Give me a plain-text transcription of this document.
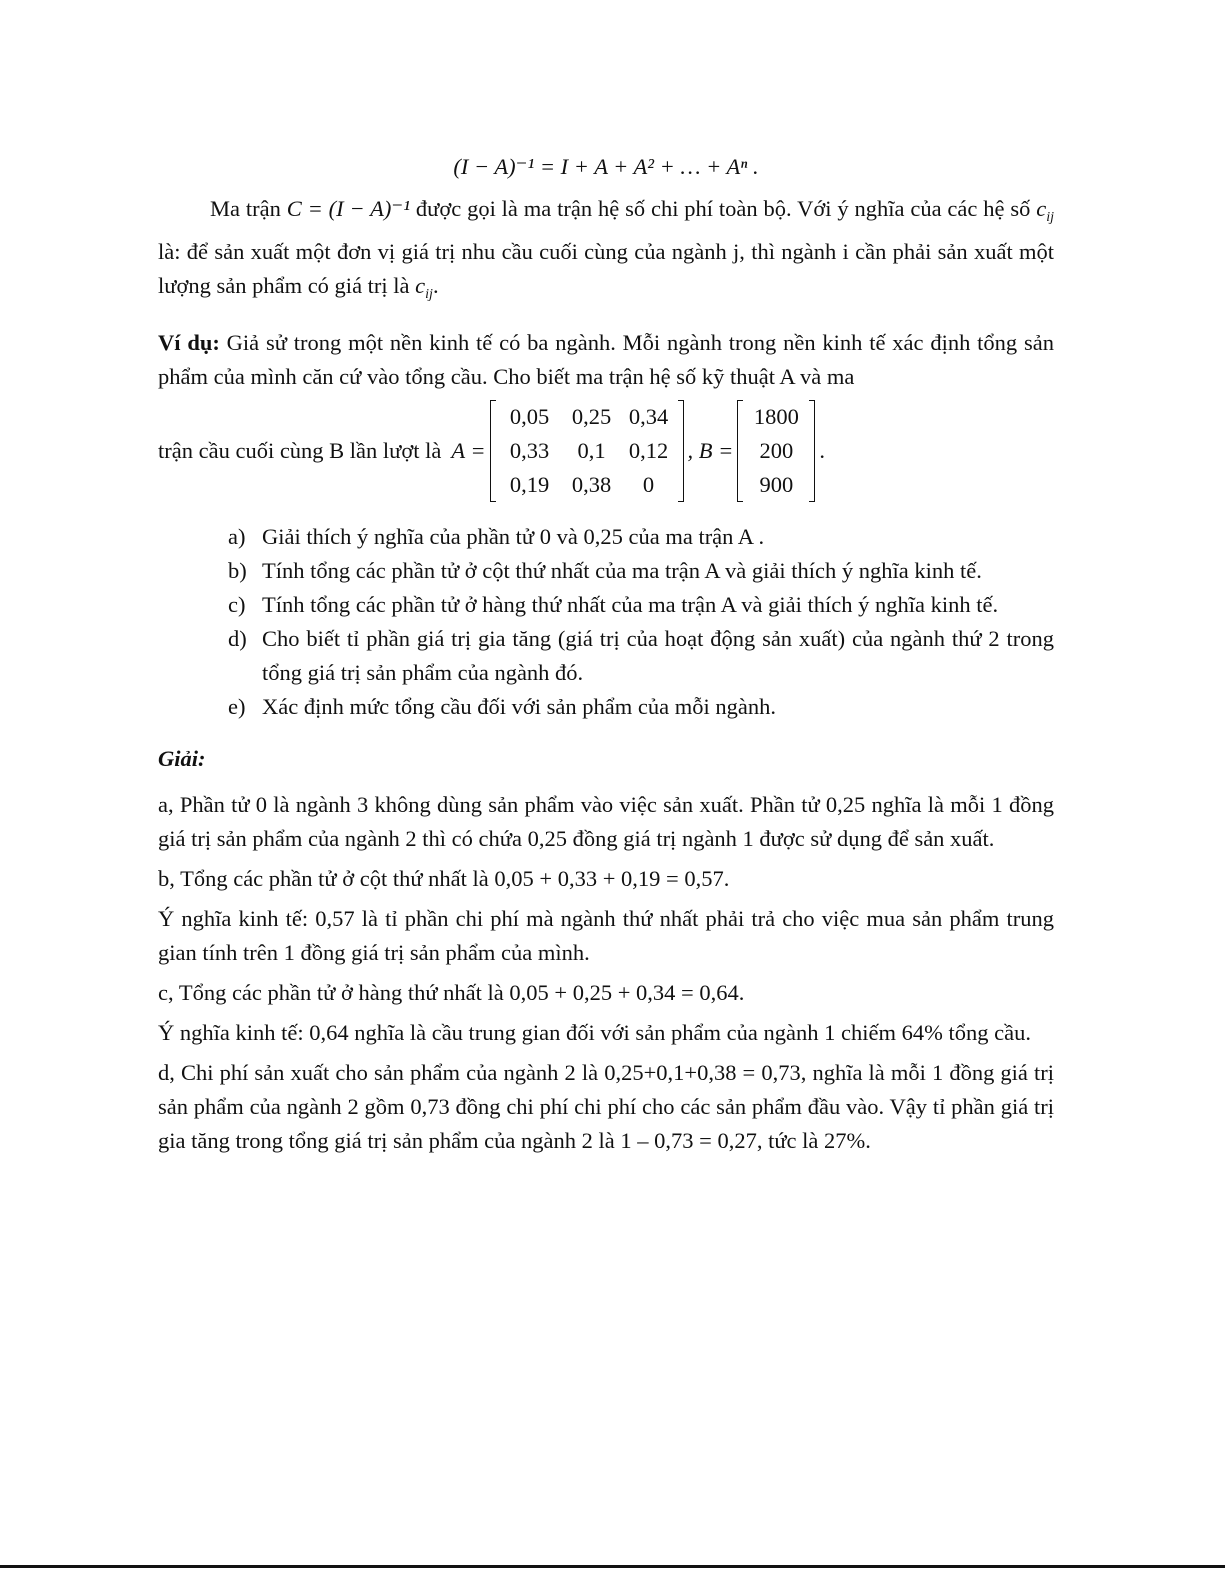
(I − A)⁻¹ = I + A + A² + … + Aⁿ .

Ma trận C = (I − A)⁻¹ được gọi là ma trận hệ số chi phí toàn bộ. Với ý nghĩa của các hệ số $c_{ij}$ là: để sản xuất một đơn vị giá trị nhu cầu cuối cùng của ngành j, thì ngành i cần phải sản xuất một lượng sản phẩm có giá trị là $c_{ij}$.

Ví dụ: Giả sử trong một nền kinh tế có ba ngành. Mỗi ngành trong nền kinh tế xác định tổng sản phẩm của mình căn cứ vào tổng cầu. Cho biết ma trận hệ số kỹ thuật A và ma

trận cầu cuối cùng B lần lượt là A =
0,05	0,25 0,34
0,33	0,1	0,12
0,19	0,38	0
, B =
1800
200
900
.
a) Giải thích ý nghĩa của phần tử 0 và 0,25 của ma trận A .
b) Tính tổng các phần tử ở cột thứ nhất của ma trận A và giải thích ý nghĩa kinh tế.
c) Tính tổng các phần tử ở hàng thứ nhất của ma trận A và giải thích ý nghĩa kinh tế.
d) Cho biết tỉ phần giá trị gia tăng (giá trị của hoạt động sản xuất) của ngành thứ 2 trong tổng giá trị sản phẩm của ngành đó.
e) Xác định mức tổng cầu đối với sản phẩm của mỗi ngành.

Giải:

a, Phần tử 0 là ngành 3 không dùng sản phẩm vào việc sản xuất. Phần tử 0,25 nghĩa là mỗi 1 đồng giá trị sản phẩm của ngành 2 thì có chứa 0,25 đồng giá trị ngành 1 được sử dụng để sản xuất.

b, Tổng các phần tử ở cột thứ nhất là 0,05 + 0,33 + 0,19 = 0,57.

Ý nghĩa kinh tế: 0,57 là tỉ phần chi phí mà ngành thứ nhất phải trả cho việc mua sản phẩm trung gian tính trên 1 đồng giá trị sản phẩm của mình.

c, Tổng các phần tử ở hàng thứ nhất là 0,05 + 0,25 + 0,34 = 0,64.

Ý nghĩa kinh tế: 0,64 nghĩa là cầu trung gian đối với sản phẩm của ngành 1 chiếm 64% tổng cầu.

d, Chi phí sản xuất cho sản phẩm của ngành 2 là 0,25+0,1+0,38 = 0,73, nghĩa là mỗi 1 đồng giá trị sản phẩm của ngành 2 gồm 0,73 đồng chi phí chi phí cho các sản phẩm đầu vào. Vậy tỉ phần giá trị gia tăng trong tổng giá trị sản phẩm của ngành 2 là 1 – 0,73 = 0,27, tức là 27%.
